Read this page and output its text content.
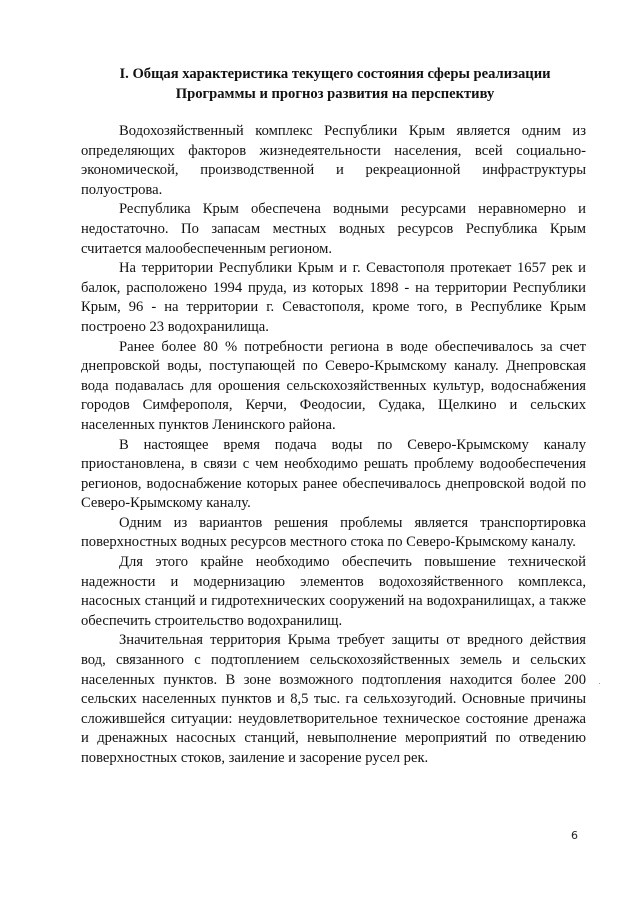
I. Общая характеристика текущего состояния сферы реализации
Программы и прогноз развития на перспективу

Водохозяйственный комплекс Республики Крым является одним из определяющих факторов жизнедеятельности населения, всей социально-экономической, производственной и рекреационной инфраструктуры полуострова.

Республика Крым обеспечена водными ресурсами неравномерно и недостаточно. По запасам местных водных ресурсов Республика Крым считается малообеспеченным регионом.

На территории Республики Крым и г. Севастополя протекает 1657 рек и балок, расположено 1994 пруда, из которых 1898 - на территории Республики Крым, 96 - на территории г. Севастополя, кроме того, в Республике Крым построено 23 водохранилища.

Ранее более 80 % потребности региона в воде обеспечивалось за счет днепровской воды, поступающей по Северо-Крымскому каналу. Днепровская вода подавалась для орошения сельскохозяйственных культур, водоснабжения городов Симферополя, Керчи, Феодосии, Судака, Щелкино и сельских населенных пунктов Ленинского района.

В настоящее время подача воды по Северо-Крымскому каналу приостановлена, в связи с чем необходимо решать проблему водообеспечения регионов, водоснабжение которых ранее обеспечивалось днепровской водой по Северо-Крымскому каналу.

Одним из вариантов решения проблемы является транспортировка поверхностных водных ресурсов местного стока по Северо-Крымскому каналу.

Для этого крайне необходимо обеспечить повышение технической надежности и модернизацию элементов водохозяйственного комплекса, насосных станций и гидротехнических сооружений на водохранилищах, а также обеспечить строительство водохранилищ.

Значительная территория Крыма требует защиты от вредного действия вод, связанного с подтоплением сельскохозяйственных земель и сельских населенных пунктов. В зоне возможного подтопления находится более 200 сельских населенных пунктов и 8,5 тыс. га сельхозугодий. Основные причины сложившейся ситуации: неудовлетворительное техническое состояние дренажа и дренажных насосных станций, невыполнение мероприятий по отведению поверхностных стоков, заиление и засорение русел рек.

6
